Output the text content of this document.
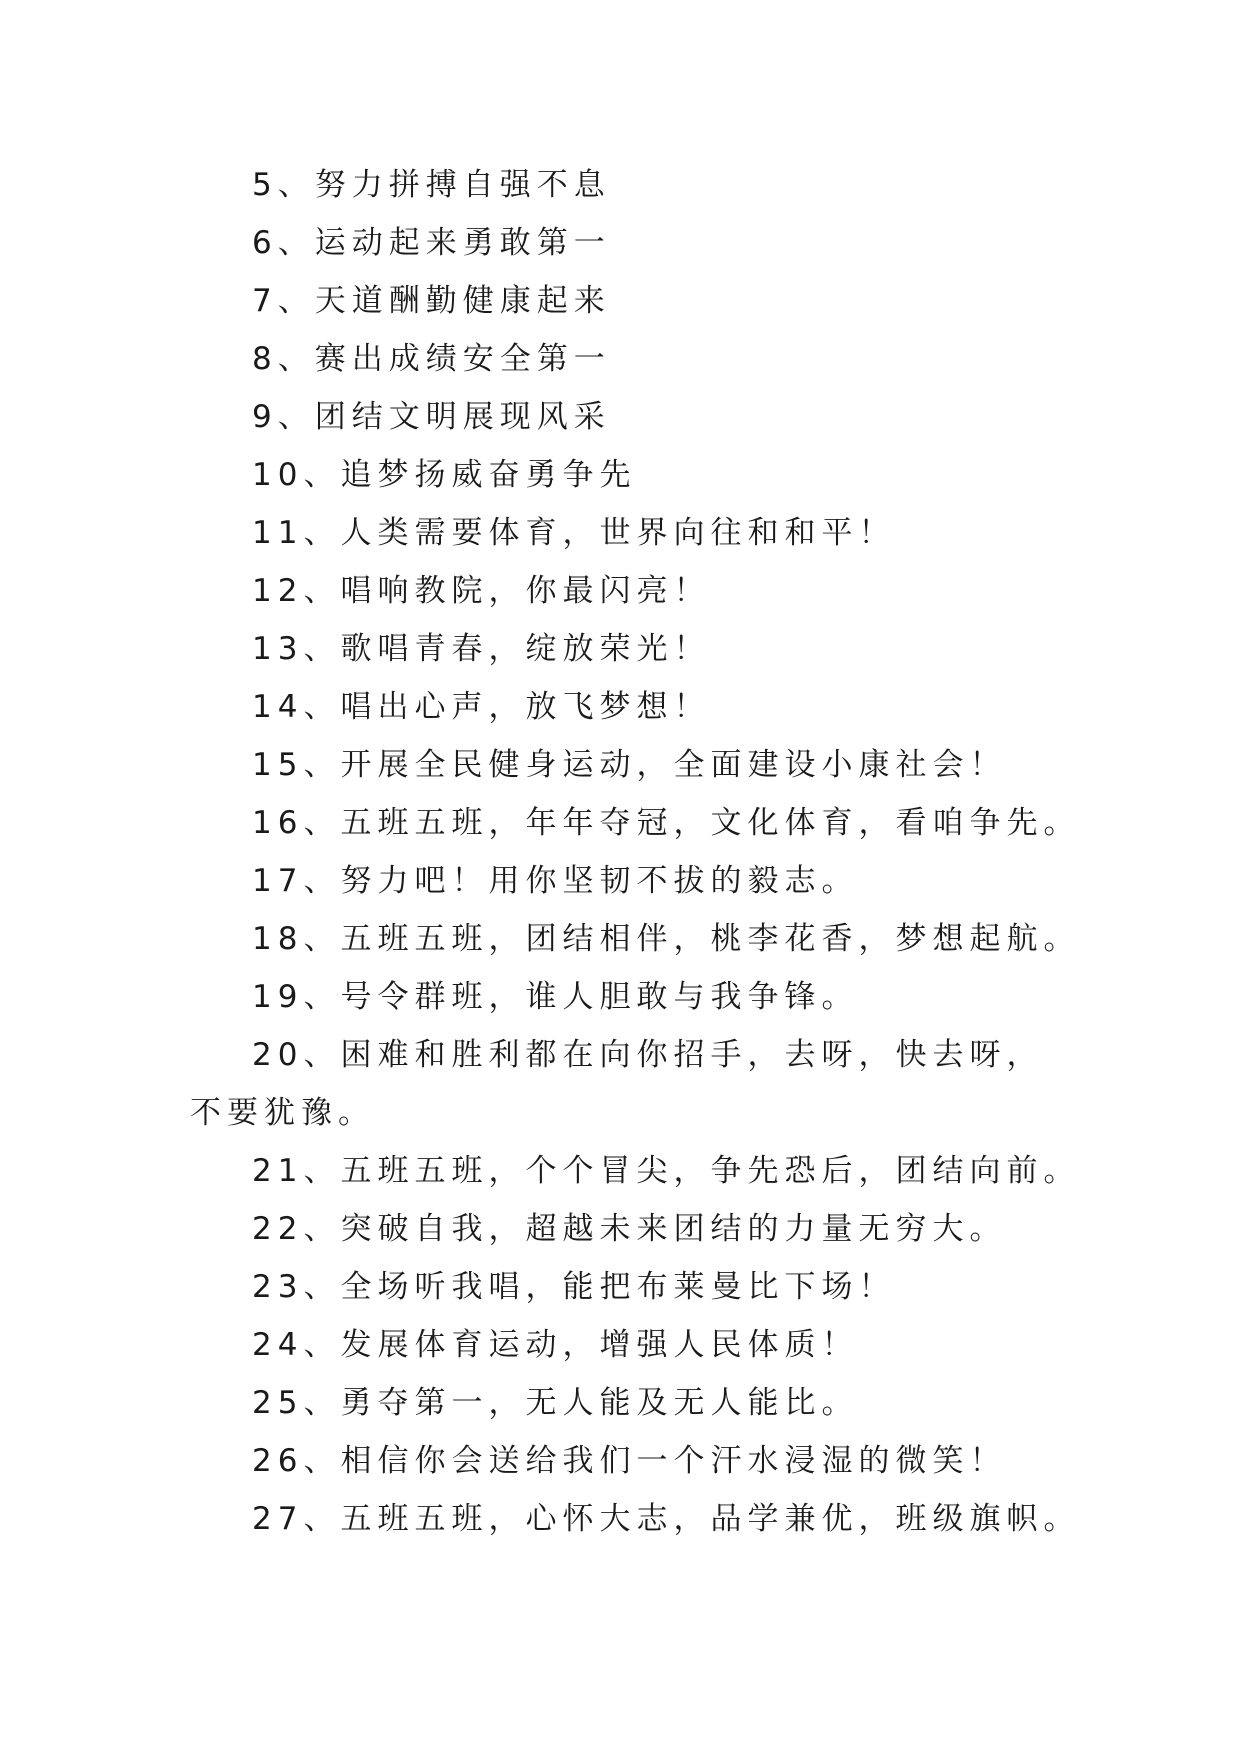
5、努力拼搏自强不息
6、运动起来勇敢第一
7、天道酬勤健康起来
8、赛出成绩安全第一
9、团结文明展现风采
10、追梦扬威奋勇争先
11、人类需要体育，世界向往和和平！
12、唱响教院，你最闪亮！
13、歌唱青春，绽放荣光！
14、唱出心声，放飞梦想！
15、开展全民健身运动，全面建设小康社会！
16、五班五班，年年夺冠，文化体育，看咱争先。
17、努力吧！用你坚韧不拔的毅志。
18、五班五班，团结相伴，桃李花香，梦想起航。
19、号令群班，谁人胆敢与我争锋。
20、困难和胜利都在向你招手，去呀，快去呀，不要犹豫。
21、五班五班，个个冒尖，争先恐后，团结向前。
22、突破自我，超越未来团结的力量无穷大。
23、全场听我唱，能把布莱曼比下场！
24、发展体育运动，增强人民体质！
25、勇夺第一，无人能及无人能比。
26、相信你会送给我们一个汗水浸湿的微笑！
27、五班五班，心怀大志，品学兼优，班级旗帜。
